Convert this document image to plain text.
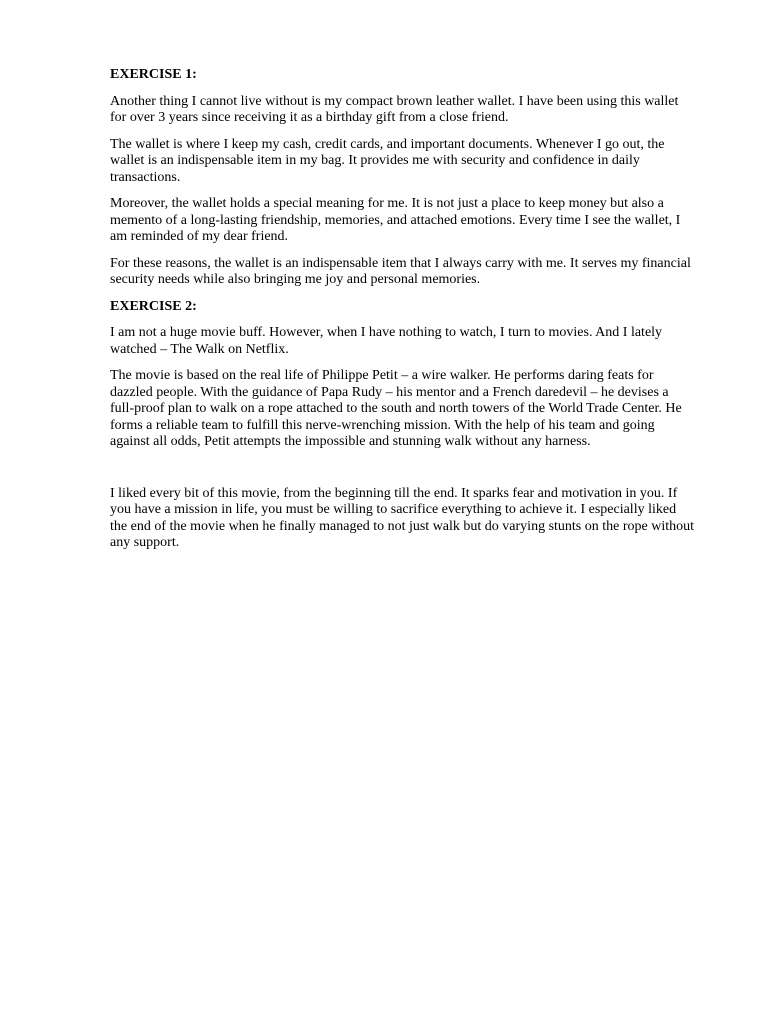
EXERCISE 1:

Another thing I cannot live without is my compact brown leather wallet. I have been using this wallet for over 3 years since receiving it as a birthday gift from a close friend.

The wallet is where I keep my cash, credit cards, and important documents. Whenever I go out, the wallet is an indispensable item in my bag. It provides me with security and confidence in daily transactions.

Moreover, the wallet holds a special meaning for me. It is not just a place to keep money but also a memento of a long-lasting friendship, memories, and attached emotions. Every time I see the wallet, I am reminded of my dear friend.

For these reasons, the wallet is an indispensable item that I always carry with me. It serves my financial security needs while also bringing me joy and personal memories.

EXERCISE 2:

I am not a huge movie buff. However, when I have nothing to watch, I turn to movies. And I lately watched – The Walk on Netflix.

The movie is based on the real life of Philippe Petit – a wire walker. He performs daring feats for dazzled people. With the guidance of Papa Rudy – his mentor and a French daredevil – he devises a full-proof plan to walk on a rope attached to the south and north towers of the World Trade Center. He forms a reliable team to fulfill this nerve-wrenching mission. With the help of his team and going against all odds, Petit attempts the impossible and stunning walk without any harness.

I liked every bit of this movie, from the beginning till the end. It sparks fear and motivation in you. If you have a mission in life, you must be willing to sacrifice everything to achieve it. I especially liked the end of the movie when he finally managed to not just walk but do varying stunts on the rope without any support.
